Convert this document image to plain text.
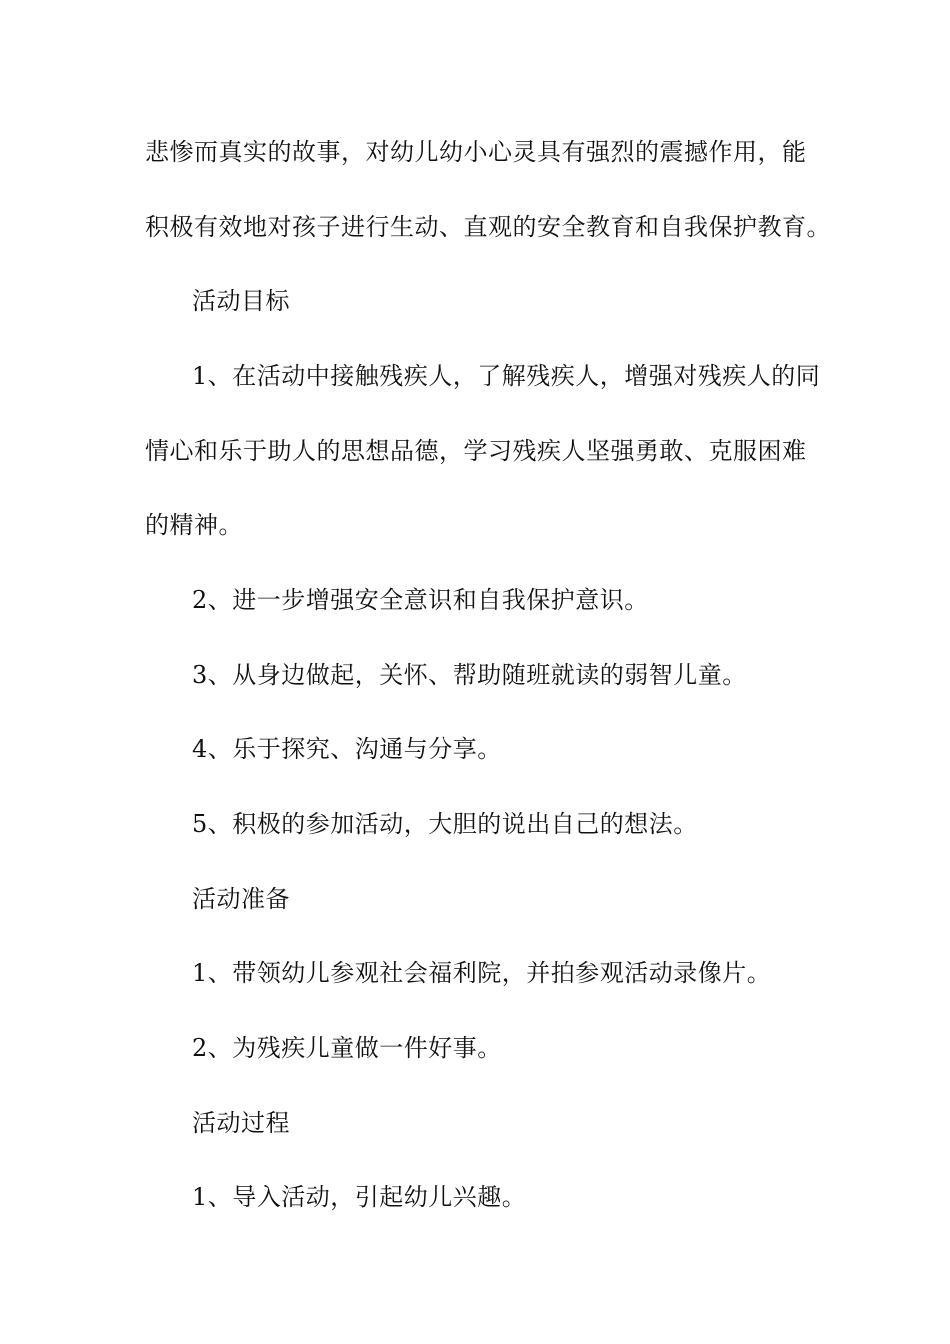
悲惨而真实的故事，对幼儿幼小心灵具有强烈的震撼作用，能
积极有效地对孩子进行生动、直观的安全教育和自我保护教育。
活动目标
1、在活动中接触残疾人，了解残疾人，增强对残疾人的同
情心和乐于助人的思想品德，学习残疾人坚强勇敢、克服困难
的精神。
2、进一步增强安全意识和自我保护意识。
3、从身边做起，关怀、帮助随班就读的弱智儿童。
4、乐于探究、沟通与分享。
5、积极的参加活动，大胆的说出自己的想法。
活动准备
1、带领幼儿参观社会福利院，并拍参观活动录像片。
2、为残疾儿童做一件好事。
活动过程
1、导入活动，引起幼儿兴趣。
